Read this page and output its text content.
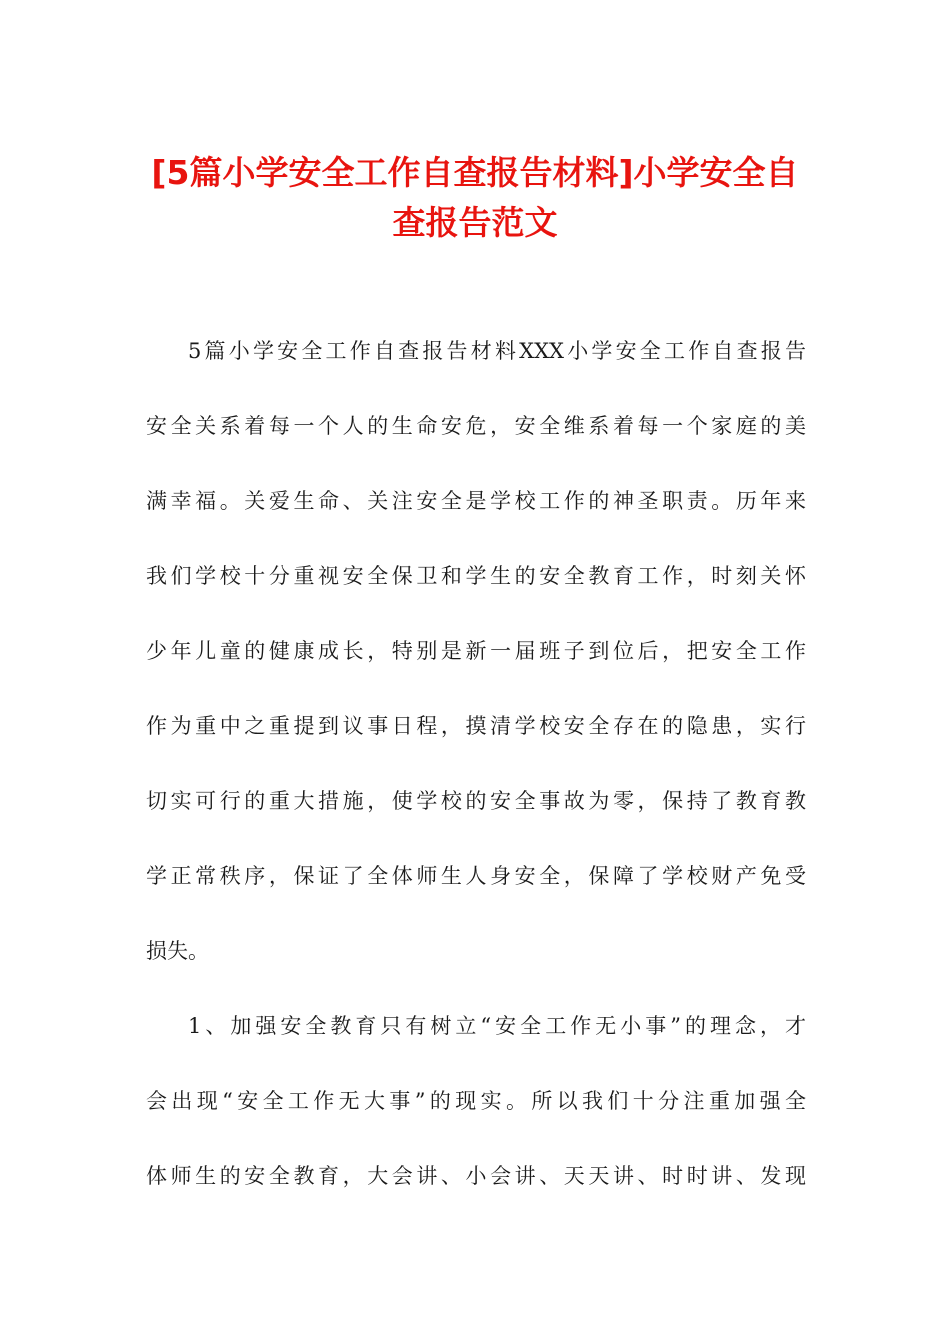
[5篇小学安全工作自查报告材料]小学安全自
查报告范文
5篇小学安全工作自查报告材料XXX小学安全工作自查报告
安全关系着每一个人的生命安危，安全维系着每一个家庭的美
满幸福。关爱生命、关注安全是学校工作的神圣职责。历年来
我们学校十分重视安全保卫和学生的安全教育工作，时刻关怀
少年儿童的健康成长，特别是新一届班子到位后，把安全工作
作为重中之重提到议事日程，摸清学校安全存在的隐患，实行
切实可行的重大措施，使学校的安全事故为零，保持了教育教
学正常秩序，保证了全体师生人身安全，保障了学校财产免受
损失。
1、加强安全教育只有树立“安全工作无小事”的理念，才
会出现“安全工作无大事”的现实。所以我们十分注重加强全
体师生的安全教育，大会讲、小会讲、天天讲、时时讲、发现
